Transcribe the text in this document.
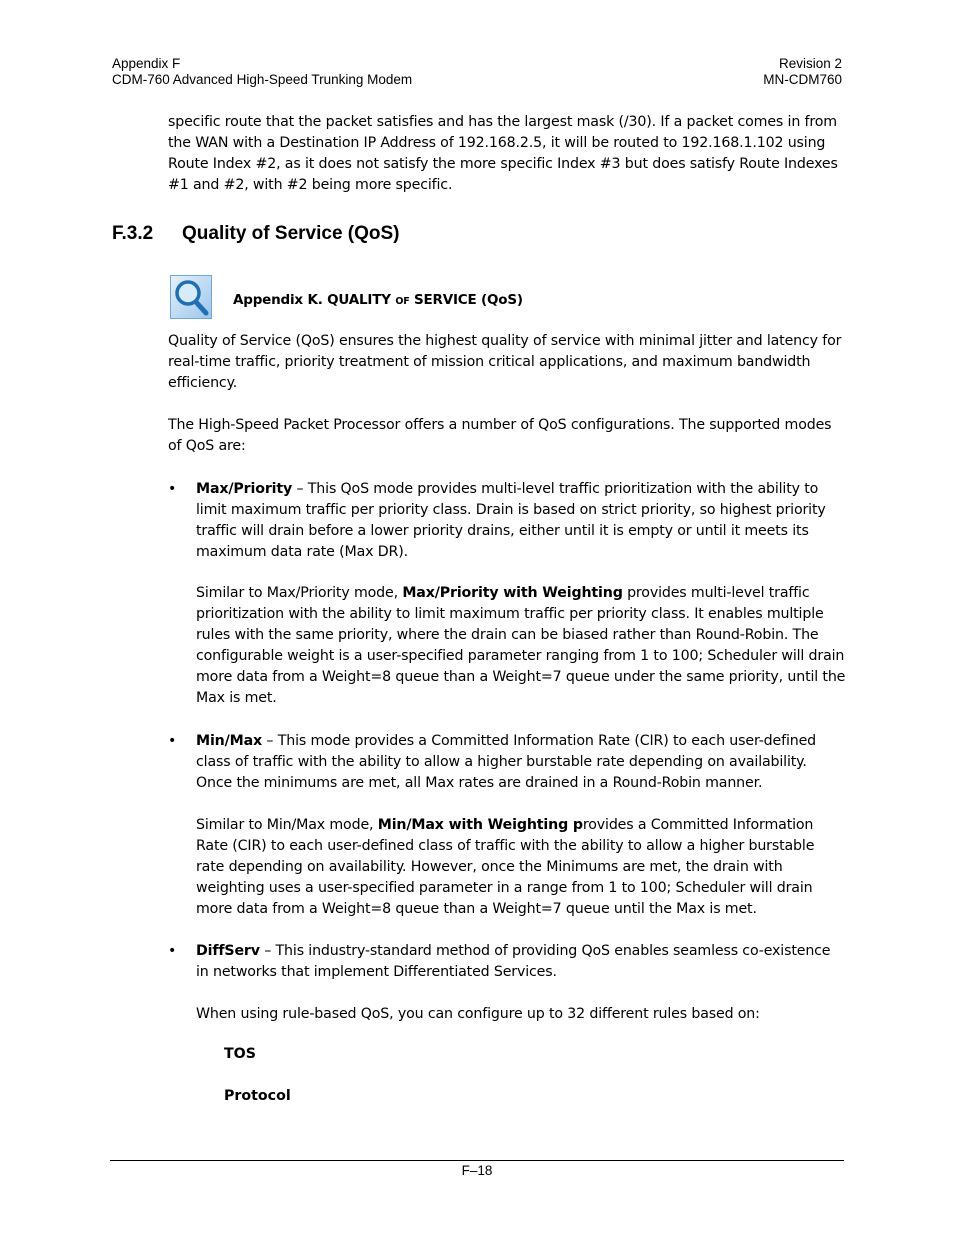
Appendix F
CDM-760 Advanced High-Speed Trunking Modem
Revision 2
MN-CDM760

specific route that the packet satisfies and has the largest mask (/30). If a packet comes in from the WAN with a Destination IP Address of 192.168.2.5, it will be routed to 192.168.1.102 using Route Index #2, as it does not satisfy the more specific Index #3 but does satisfy Route Indexes #1 and #2, with #2 being more specific.

F.3.2 Quality of Service (QoS)
Appendix K. QUALITY OF SERVICE (QoS)

Quality of Service (QoS) ensures the highest quality of service with minimal jitter and latency for real-time traffic, priority treatment of mission critical applications, and maximum bandwidth efficiency.

The High-Speed Packet Processor offers a number of QoS configurations. The supported modes of QoS are:

•	Max/Priority – This QoS mode provides multi-level traffic prioritization with the ability to limit maximum traffic per priority class. Drain is based on strict priority, so highest priority traffic will drain before a lower priority drains, either until it is empty or until it meets its maximum data rate (Max DR).
Similar to Max/Priority mode, Max/Priority with Weighting provides multi-level traffic prioritization with the ability to limit maximum traffic per priority class. It enables multiple rules with the same priority, where the drain can be biased rather than Round-Robin. The configurable weight is a user-specified parameter ranging from 1 to 100; Scheduler will drain more data from a Weight=8 queue than a Weight=7 queue under the same priority, until the Max is met.
•	Min/Max – This mode provides a Committed Information Rate (CIR) to each user-defined class of traffic with the ability to allow a higher burstable rate depending on availability. Once the minimums are met, all Max rates are drained in a Round-Robin manner.
Similar to Min/Max mode, Min/Max with Weighting provides a Committed Information Rate (CIR) to each user-defined class of traffic with the ability to allow a higher burstable rate depending on availability. However, once the Minimums are met, the drain with weighting uses a user-specified parameter in a range from 1 to 100; Scheduler will drain more data from a Weight=8 queue than a Weight=7 queue until the Max is met.
•	DiffServ – This industry-standard method of providing QoS enables seamless co-existence in networks that implement Differentiated Services.
When using rule-based QoS, you can configure up to 32 different rules based on:
TOS
Protocol
F–18
